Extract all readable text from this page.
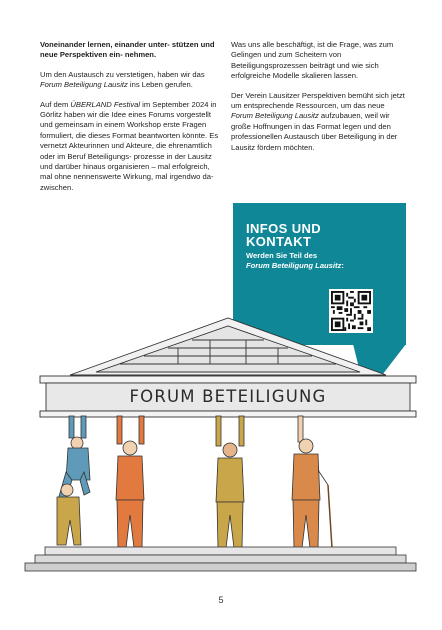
Voneinander lernen, einander unter- stützen und neue Perspektiven ein- nehmen.

Um den Austausch zu verstetigen, haben wir das Forum Beteiligung Lausitz ins Leben gerufen.

Auf dem ÜBERLAND Festival im September 2024 in Görlitz haben wir die Idee eines Forums vorgestellt und gemeinsam in einem Workshop erste Fragen formuliert, die dieses Format beantworten könnte. Es vernetzt Akteurinnen und Akteure, die ehrenamtlich oder im Beruf Beteiligungs- prozesse in der Lausitz und darüber hinaus organisieren – mal erfolgreich, mal ohne nennenswerte Wirkung, mal irgendwo da- zwischen.

Was uns alle beschäftigt, ist die Frage, was zum Gelingen und zum Scheitern von Beteiligungsprozessen beiträgt und wie sich erfolgreiche Modelle skalieren lassen.

Der Verein Lausitzer Perspektiven bemüht sich jetzt um entsprechende Ressourcen, um das neue Forum Beteiligung Lausitz aufzubauen, weil wir große Hoffnungen in das Format legen und den professionellen Austausch über Beteiligung in der Lausitz fördern möchten.

INFOS UND
KONTAKT
Werden Sie Teil des
Forum Beteiligung Lausitz:
FORUM BETEILIGUNG
5
